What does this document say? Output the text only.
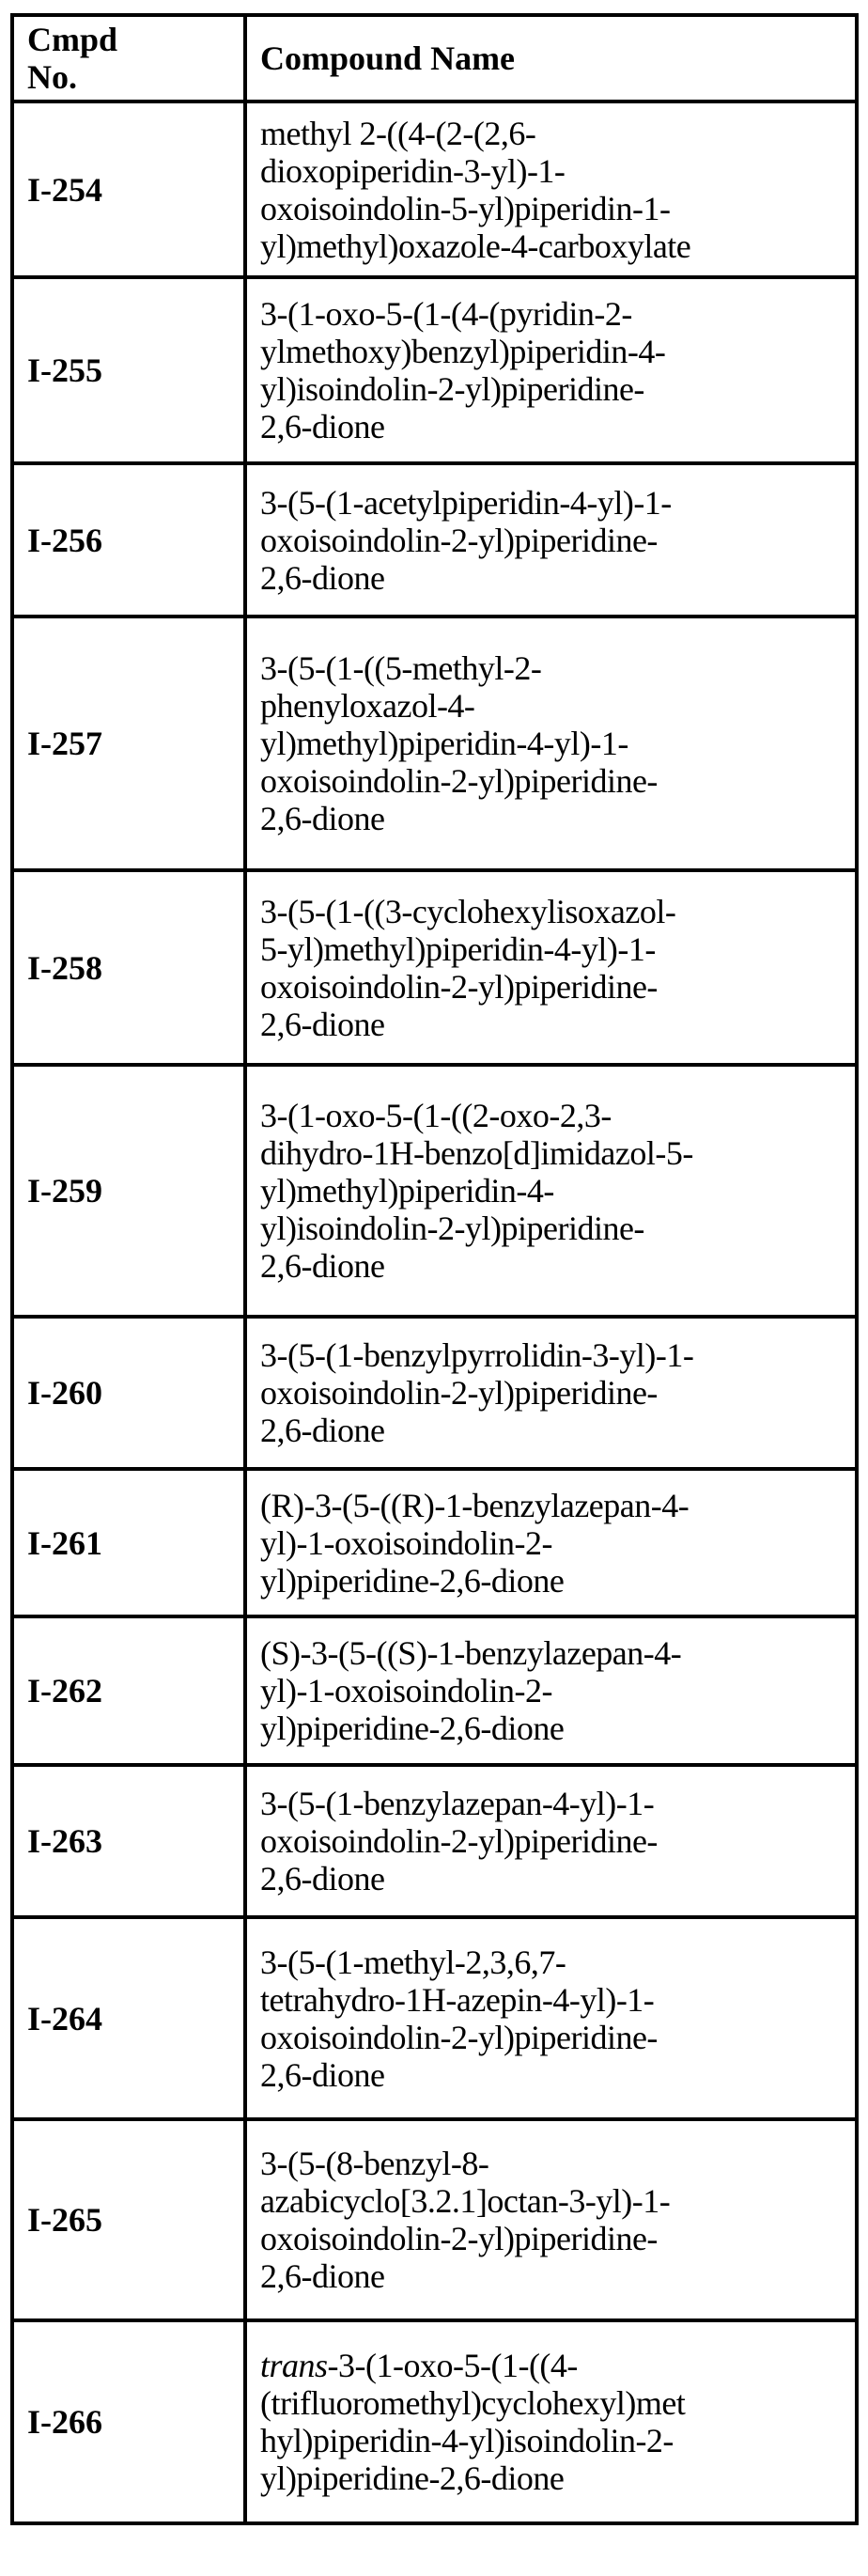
Cmpd
No.	Compound Name
I-254	
methyl 2-((4-(2-(2,6-
dioxopiperidin-3-yl)-1-
oxoisoindolin-5-yl)piperidin-1-
yl)methyl)oxazole-4-carboxylate

I-255	
3-(1-oxo-5-(1-(4-(pyridin-2-
ylmethoxy)benzyl)piperidin-4-
yl)isoindolin-2-yl)piperidine-
2,6-dione

I-256	
3-(5-(1-acetylpiperidin-4-yl)-1-
oxoisoindolin-2-yl)piperidine-
2,6-dione

I-257	
3-(5-(1-((5-methyl-2-
phenyloxazol-4-
yl)methyl)piperidin-4-yl)-1-
oxoisoindolin-2-yl)piperidine-
2,6-dione

I-258	
3-(5-(1-((3-cyclohexylisoxazol-
5-yl)methyl)piperidin-4-yl)-1-
oxoisoindolin-2-yl)piperidine-
2,6-dione

I-259	
3-(1-oxo-5-(1-((2-oxo-2,3-
dihydro-1H-benzo[d]imidazol-5-
yl)methyl)piperidin-4-
yl)isoindolin-2-yl)piperidine-
2,6-dione

I-260	
3-(5-(1-benzylpyrrolidin-3-yl)-1-
oxoisoindolin-2-yl)piperidine-
2,6-dione

I-261	
(R)-3-(5-((R)-1-benzylazepan-4-
yl)-1-oxoisoindolin-2-
yl)piperidine-2,6-dione

I-262	
(S)-3-(5-((S)-1-benzylazepan-4-
yl)-1-oxoisoindolin-2-
yl)piperidine-2,6-dione

I-263	
3-(5-(1-benzylazepan-4-yl)-1-
oxoisoindolin-2-yl)piperidine-
2,6-dione

I-264	
3-(5-(1-methyl-2,3,6,7-
tetrahydro-1H-azepin-4-yl)-1-
oxoisoindolin-2-yl)piperidine-
2,6-dione

I-265	
3-(5-(8-benzyl-8-
azabicyclo[3.2.1]octan-3-yl)-1-
oxoisoindolin-2-yl)piperidine-
2,6-dione

I-266	
trans-3-(1-oxo-5-(1-((4-
(trifluoromethyl)cyclohexyl)met
hyl)piperidin-4-yl)isoindolin-2-
yl)piperidine-2,6-dione
